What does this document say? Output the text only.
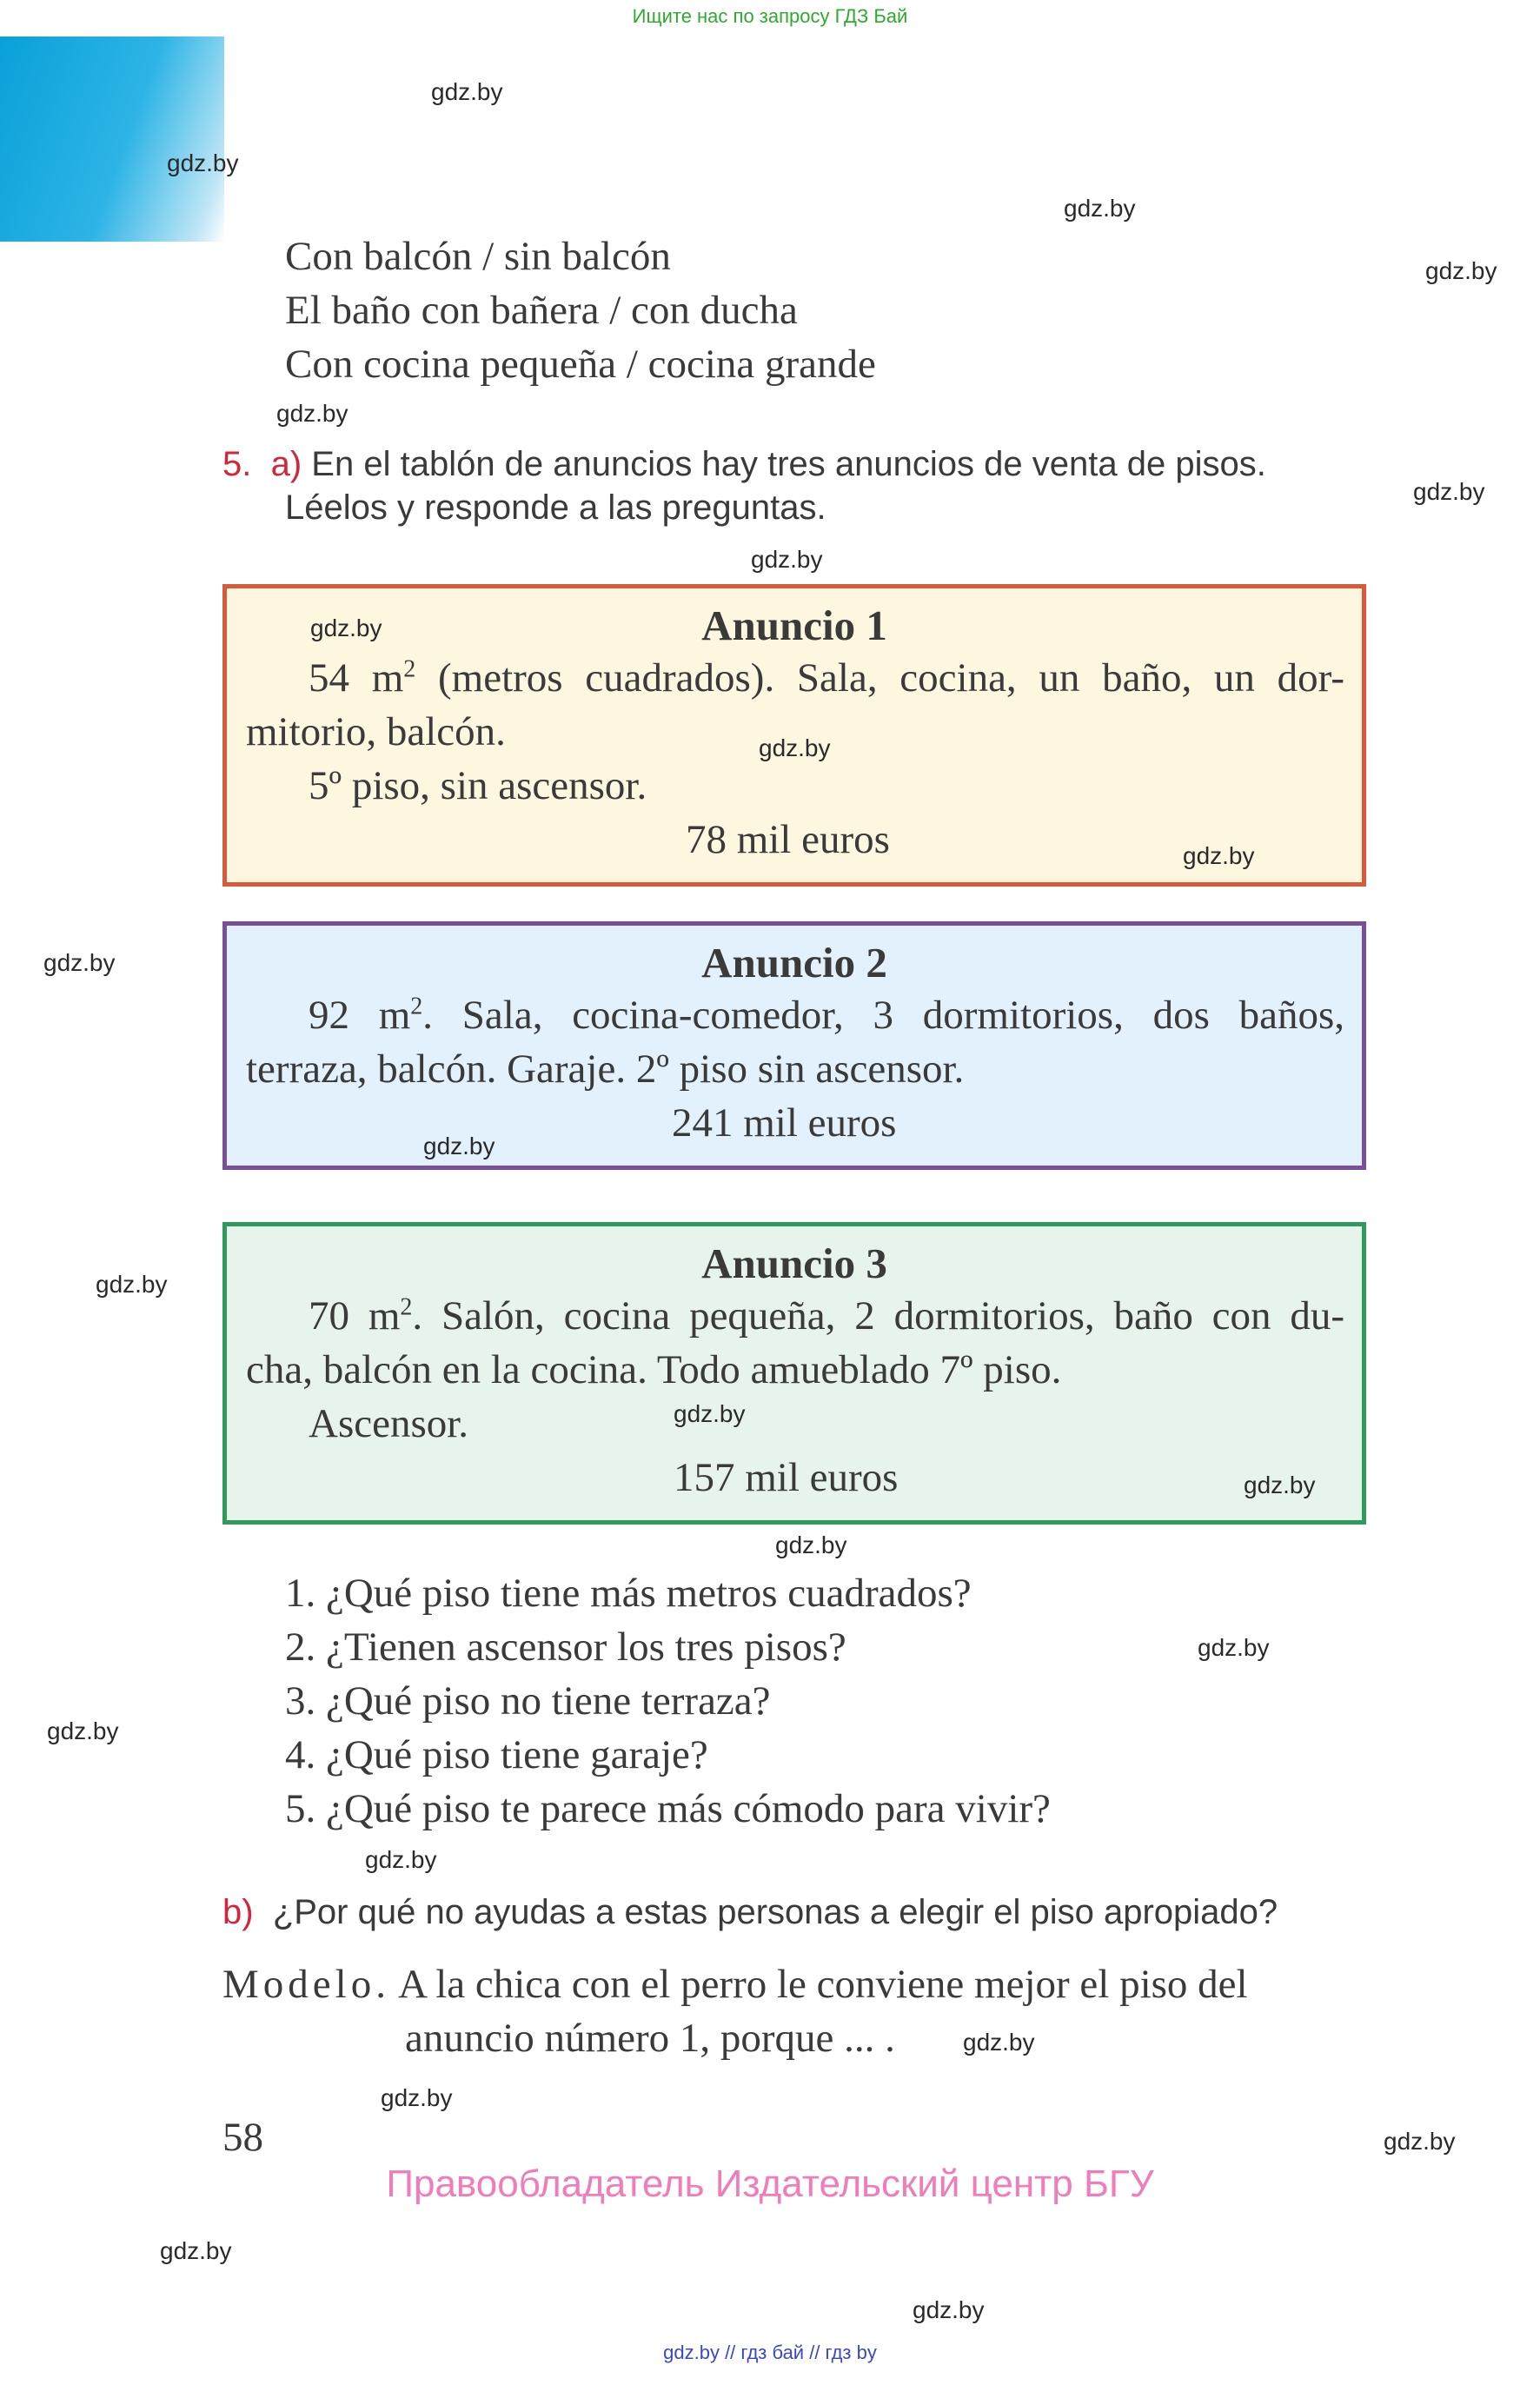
Ищите нас по запросу ГДЗ Бай
gdz.by
gdz.by
gdz.by
gdz.by
gdz.by
gdz.by
gdz.by
Con balcón / sin balcón
El baño con bañera / con ducha
Con cocina pequeña / cocina grande
5. a) En el tablón de anuncios hay tres anuncios de venta de pisos.
Léelos y responde a las preguntas.
Anuncio 1
54 $m^2$ (metros cuadrados). Sala, cocina, un baño, un dor-
mitorio, balcón.
5º piso, sin ascensor.
78 mil euros
gdz.by
gdz.by
gdz.by
gdz.by	Anuncio 2
92 $m^2$. Sala, cocina-comedor, 3 dormitorios, dos baños,
terraza, balcón. Garaje. 2º piso sin ascensor.
241 mil euros
gdz.by
gdz.by	Anuncio 3
70 $m^2$. Salón, cocina pequeña, 2 dormitorios, baño con du-
cha, balcón en la cocina. Todo amueblado 7º piso.
Ascensor.
157 mil euros
gdz.by
gdz.by
gdz.by
1. ¿Qué piso tiene más metros cuadrados?
2. ¿Tienen ascensor los tres pisos?
3. ¿Qué piso no tiene terraza?
4. ¿Qué piso tiene garaje?
5. ¿Qué piso te parece más cómodo para vivir?
gdz.by
gdz.by
gdz.by
b) ¿Por qué no ayudas a estas personas a elegir el piso apropiado?
Modelo. A la chica con el perro le conviene mejor el piso del
anuncio número 1, porque ... .	gdz.by
gdz.by
58	gdz.by
Правообладатель Издательский центр БГУ
gdz.by
gdz.by
gdz.by // гдз бай // гдз by
